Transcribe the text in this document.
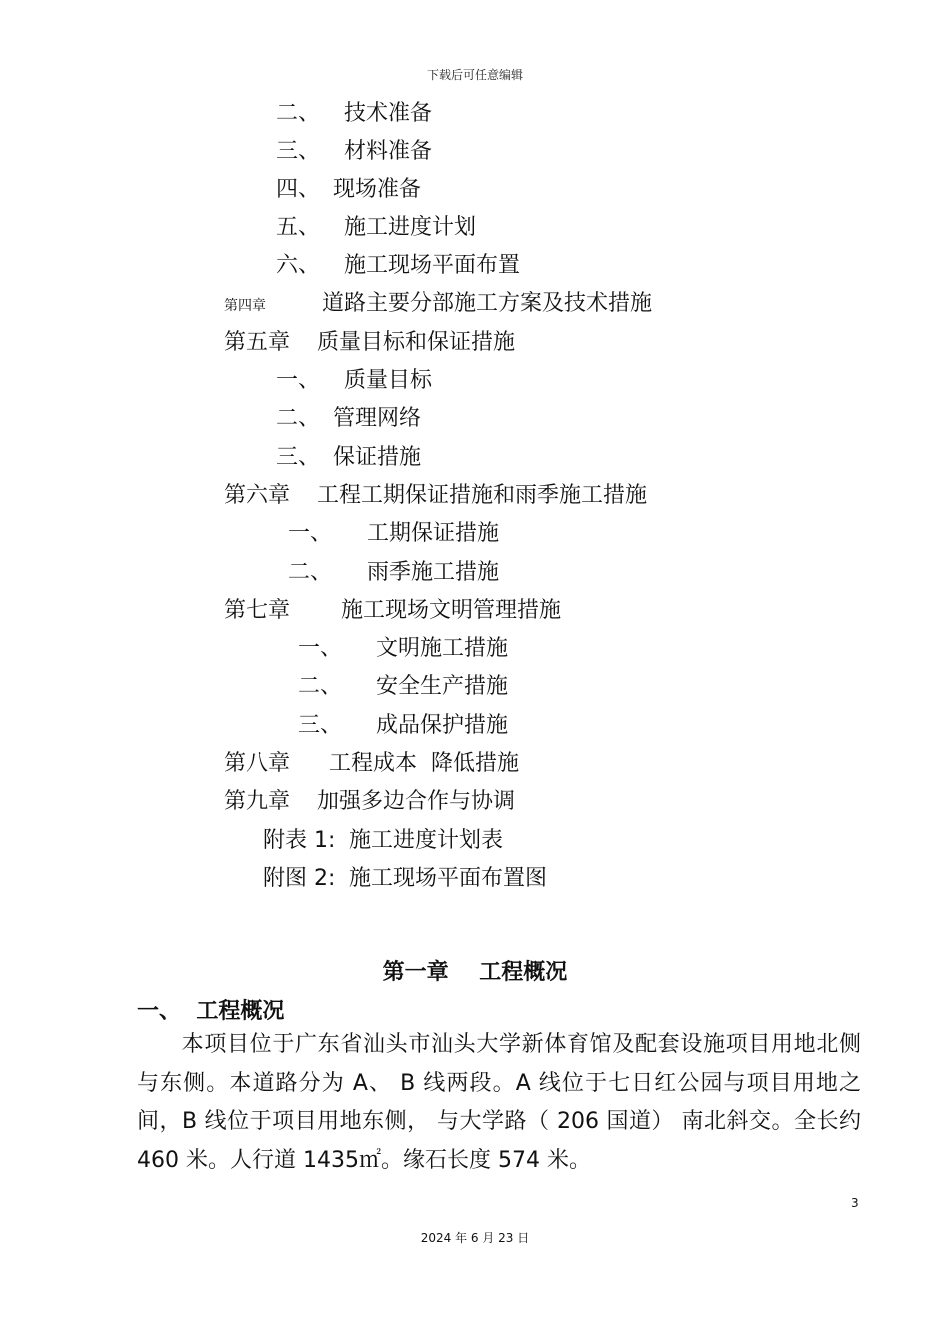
下载后可任意编辑
二、 技术准备
三、 材料准备
四、 现场准备
五、 施工进度计划
六、 施工现场平面布置
第四章	道路主要分部施工方案及技术措施
第五章 质量目标和保证措施
一、 质量目标
二、 管理网络
三、 保证措施
第六章 工程工期保证措施和雨季施工措施
一、 工期保证措施
二、 雨季施工措施
第七章 施工现场文明管理措施
一、 文明施工措施
二、 安全生产措施
三、 成品保护措施
第八章 工程成本  降低措施
第九章 加强多边合作与协调
附表 1: 施工进度计划表
附图 2: 施工现场平面布置图
第一章    工程概况
一、  工程概况
本项目位于广东省汕头市汕头大学新体育馆及配套设施项目用地北侧与东侧。本道路分为 A、 B 线两段。A 线位于七日红公园与项目用地之间，B 线位于项目用地东侧， 与大学路（ 206 国道） 南北斜交。全长约 460 米。人行道 1435㎡。缘石长度 574 米。
3
2024 年 6 月 23 日
